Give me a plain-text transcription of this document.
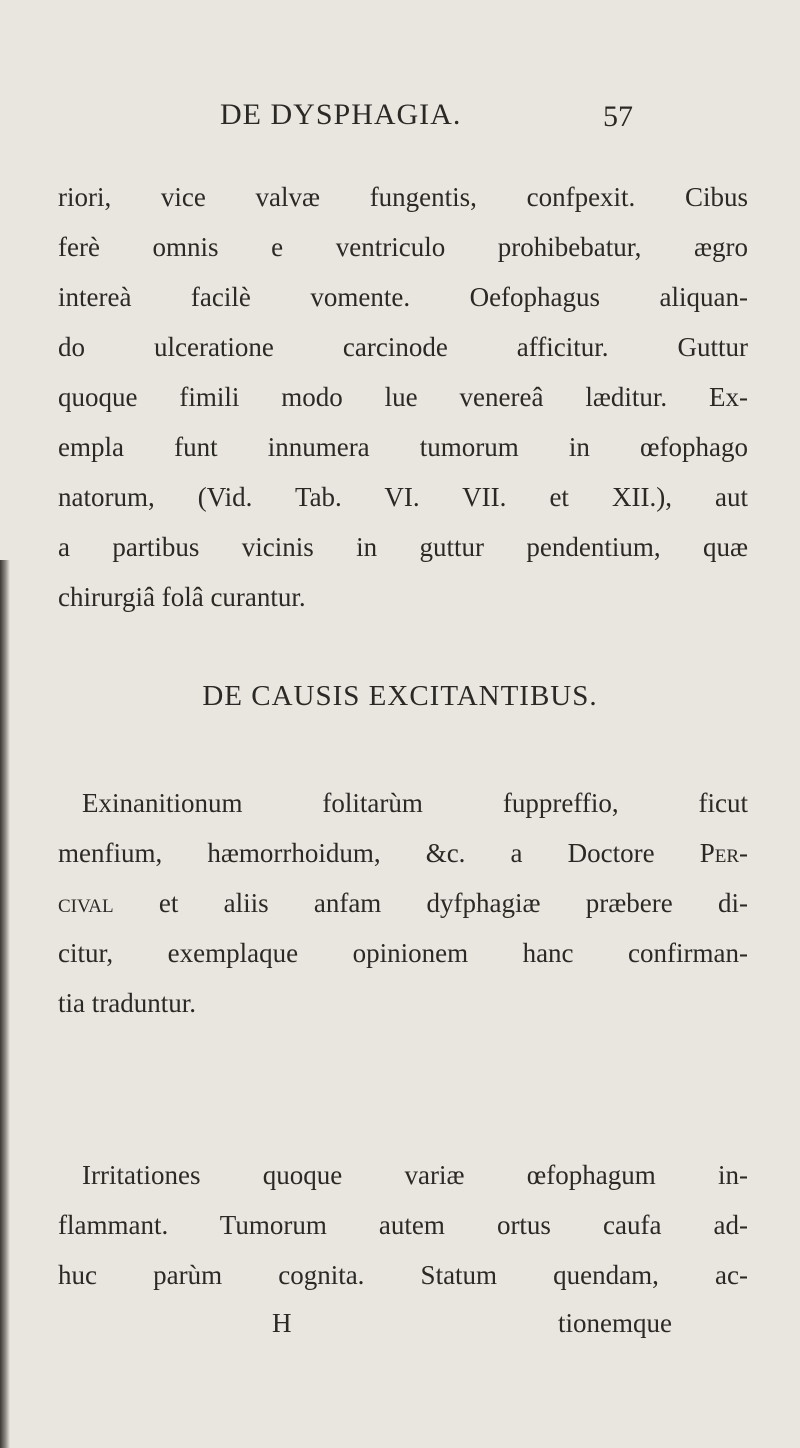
DE DYSPHAGIA.	57
riori, vice valvæ fungentis, confpexit. Cibus
ferè omnis e ventriculo prohibebatur, ægro
intereà facilè vomente. Oefophagus aliquan-
do ulceratione carcinode afficitur. Guttur
quoque fimili modo lue venereâ læditur. Ex-
empla funt innumera tumorum in œfophago
natorum, (Vid. Tab. VI. VII. et XII.), aut
a partibus vicinis in guttur pendentium, quæ
chirurgiâ folâ curantur.
DE CAUSIS EXCITANTIBUS.
Exinanitionum folitarùm fuppreffio, ficut
menfium, hæmorrhoidum, &c. a Doctore Per-
cival et aliis anfam dyfphagiæ præbere di-
citur, exemplaque opinionem hanc confirman-
tia traduntur.
Irritationes quoque variæ œfophagum in-
flammant. Tumorum autem ortus caufa ad-
huc parùm cognita. Statum quendam, ac-
H	tionemque
